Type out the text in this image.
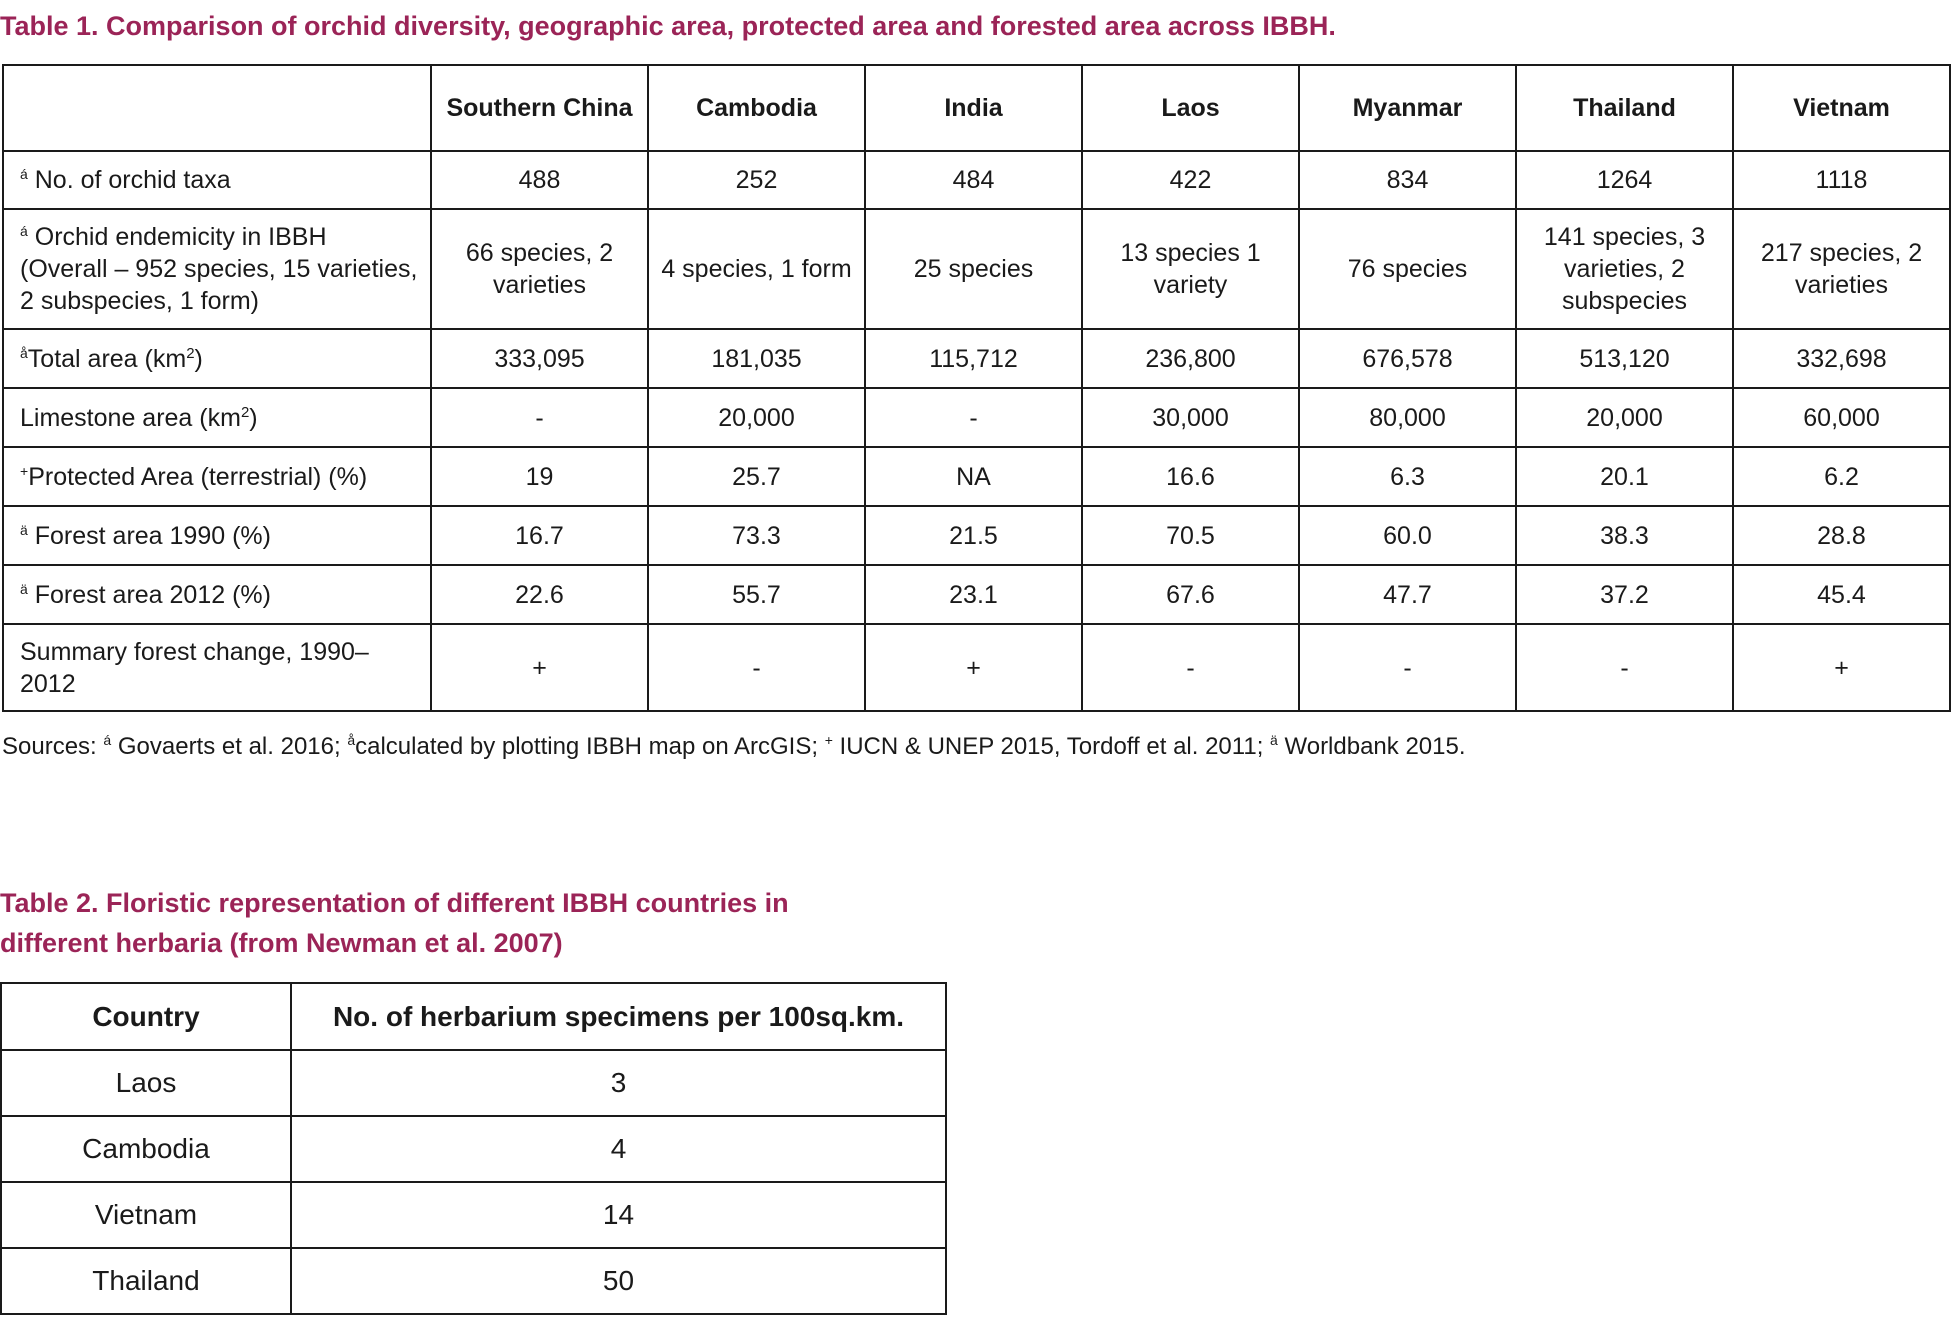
Table 1. Comparison of orchid diversity, geographic area, protected area and forested area across IBBH.
	Southern China	Cambodia	India	Laos	Myanmar	Thailand	Vietnam
$^á$ No. of orchid taxa	488	252	484	422	834	1264	1118
$^á$ Orchid endemicity in IBBH (Overall – 952 species, 15 varieties, 2 subspecies, 1 form)	66 species, 2 varieties	4 species, 1 form	25 species	13 species 1 variety	76 species	141 species, 3 varieties, 2 subspecies	217 species, 2 varieties
$^å$Total area $(km^2)$	333,095	181,035	115,712	236,800	676,578	513,120	332,698
Limestone area $(km^2)$	-	20,000	-	30,000	80,000	20,000	60,000
+Protected Area (terrestrial) (%)	19	25.7	NA	16.6	6.3	20.1	6.2
$^ä$ Forest area 1990 (%)	16.7	73.3	21.5	70.5	60.0	38.3	28.8
$^ä$ Forest area 2012 (%)	22.6	55.7	23.1	67.6	47.7	37.2	45.4
Summary forest change, 1990–2012	+	-	+	-	-	-	+

Sources: $^á$ Govaerts et al. 2016; $^å$calculated by plotting IBBH map on ArcGIS; + IUCN & UNEP 2015, Tordoff et al. 2011; $^ä$ Worldbank 2015.

Table 2. Floristic representation of different IBBH countries in different herbaria (from Newman et al. 2007)
Country	No. of herbarium specimens per 100sq.km.
Laos	3
Cambodia	4
Vietnam	14
Thailand	50
